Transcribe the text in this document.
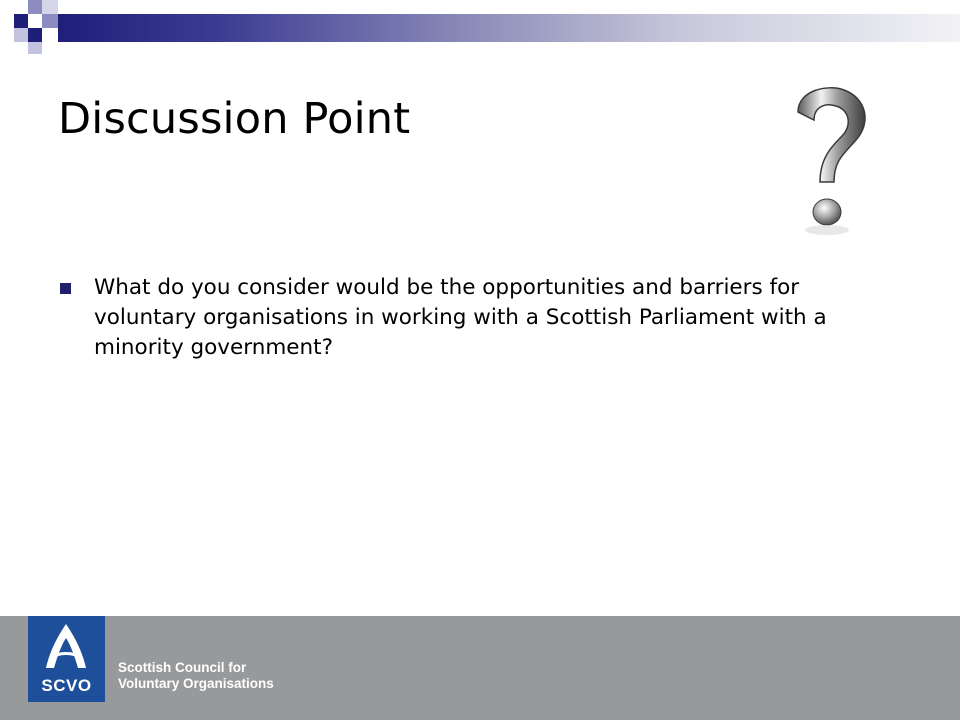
Discussion Point
What do you consider would be the opportunities and barriers for voluntary organisations in working with a Scottish Parliament with a minority government?
SCVO
Scottish Council for
Voluntary Organisations
